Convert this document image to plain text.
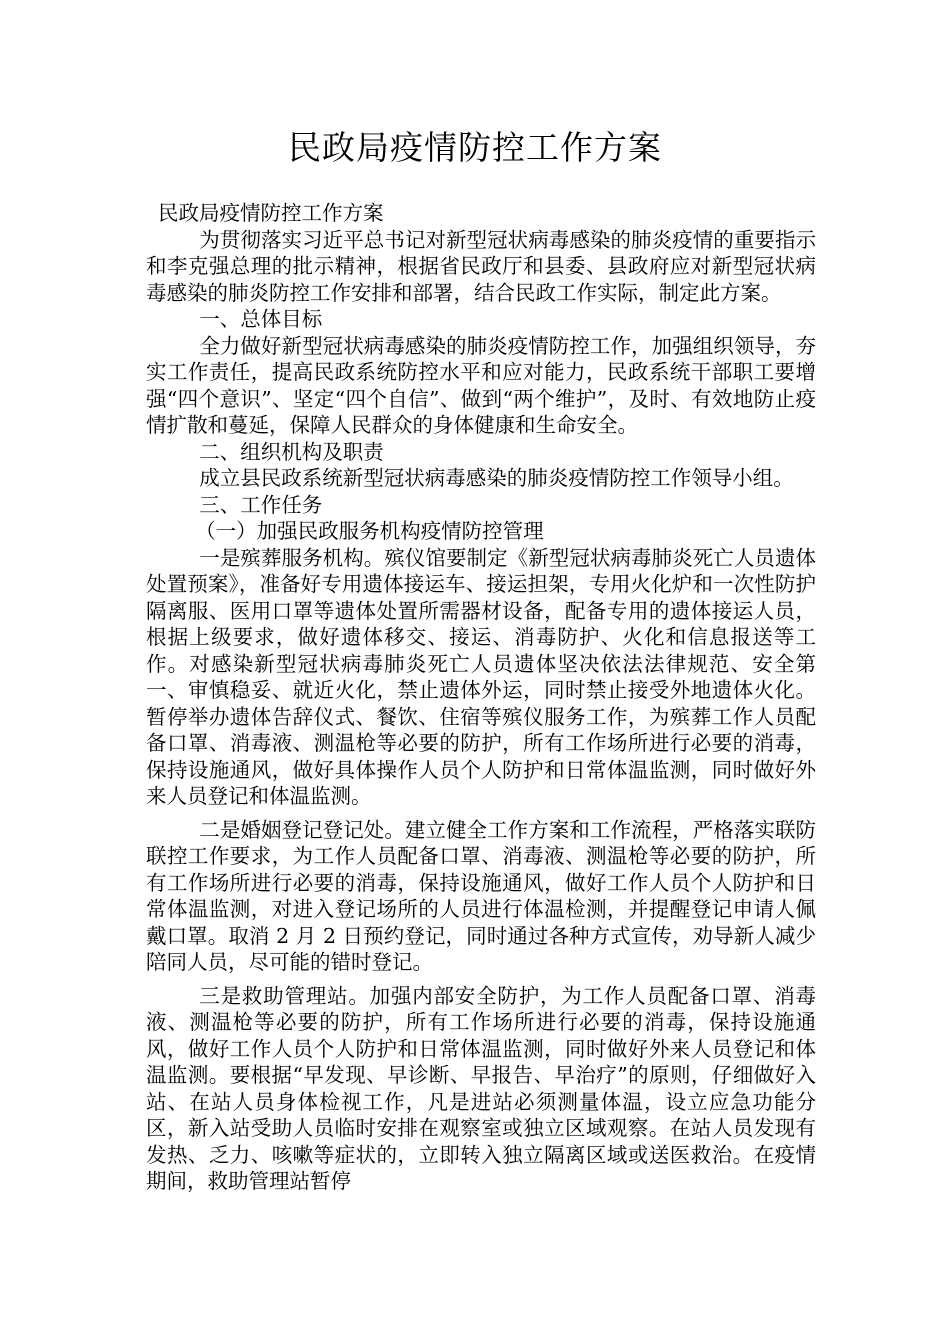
民政局疫情防控工作方案

民政局疫情防控工作方案

为贯彻落实习近平总书记对新型冠状病毒感染的肺炎疫情的重要指示和李克强总理的批示精神，根据省民政厅和县委、县政府应对新型冠状病毒感染的肺炎防控工作安排和部署，结合民政工作实际，制定此方案。

一、总体目标

全力做好新型冠状病毒感染的肺炎疫情防控工作，加强组织领导，夯实工作责任，提高民政系统防控水平和应对能力，民政系统干部职工要增强“四个意识”、坚定“四个自信”、做到“两个维护”，及时、有效地防止疫情扩散和蔓延，保障人民群众的身体健康和生命安全。

二、组织机构及职责

成立县民政系统新型冠状病毒感染的肺炎疫情防控工作领导小组。

三、工作任务

（一）加强民政服务机构疫情防控管理

一是殡葬服务机构。殡仪馆要制定《新型冠状病毒肺炎死亡人员遗体处置预案》，准备好专用遗体接运车、接运担架，专用火化炉和一次性防护隔离服、医用口罩等遗体处置所需器材设备，配备专用的遗体接运人员，根据上级要求，做好遗体移交、接运、消毒防护、火化和信息报送等工作。对感染新型冠状病毒肺炎死亡人员遗体坚决依法法律规范、安全第一、审慎稳妥、就近火化，禁止遗体外运，同时禁止接受外地遗体火化。暂停举办遗体告辞仪式、餐饮、住宿等殡仪服务工作，为殡葬工作人员配备口罩、消毒液、测温枪等必要的防护，所有工作场所进行必要的消毒，保持设施通风，做好具体操作人员个人防护和日常体温监测，同时做好外来人员登记和体温监测。

二是婚姻登记登记处。建立健全工作方案和工作流程，严格落实联防联控工作要求，为工作人员配备口罩、消毒液、测温枪等必要的防护，所有工作场所进行必要的消毒，保持设施通风，做好工作人员个人防护和日常体温监测，对进入登记场所的人员进行体温检测，并提醒登记申请人佩戴口罩。取消 2 月 2 日预约登记，同时通过各种方式宣传，劝导新人减少陪同人员，尽可能的错时登记。

三是救助管理站。加强内部安全防护，为工作人员配备口罩、消毒液、测温枪等必要的防护，所有工作场所进行必要的消毒，保持设施通风，做好工作人员个人防护和日常体温监测，同时做好外来人员登记和体温监测。要根据“早发现、早诊断、早报告、早治疗”的原则，仔细做好入站、在站人员身体检视工作，凡是进站必须测量体温，设立应急功能分区，新入站受助人员临时安排在观察室或独立区域观察。在站人员发现有发热、乏力、咳嗽等症状的，立即转入独立隔离区域或送医救治。在疫情期间，救助管理站暂停
